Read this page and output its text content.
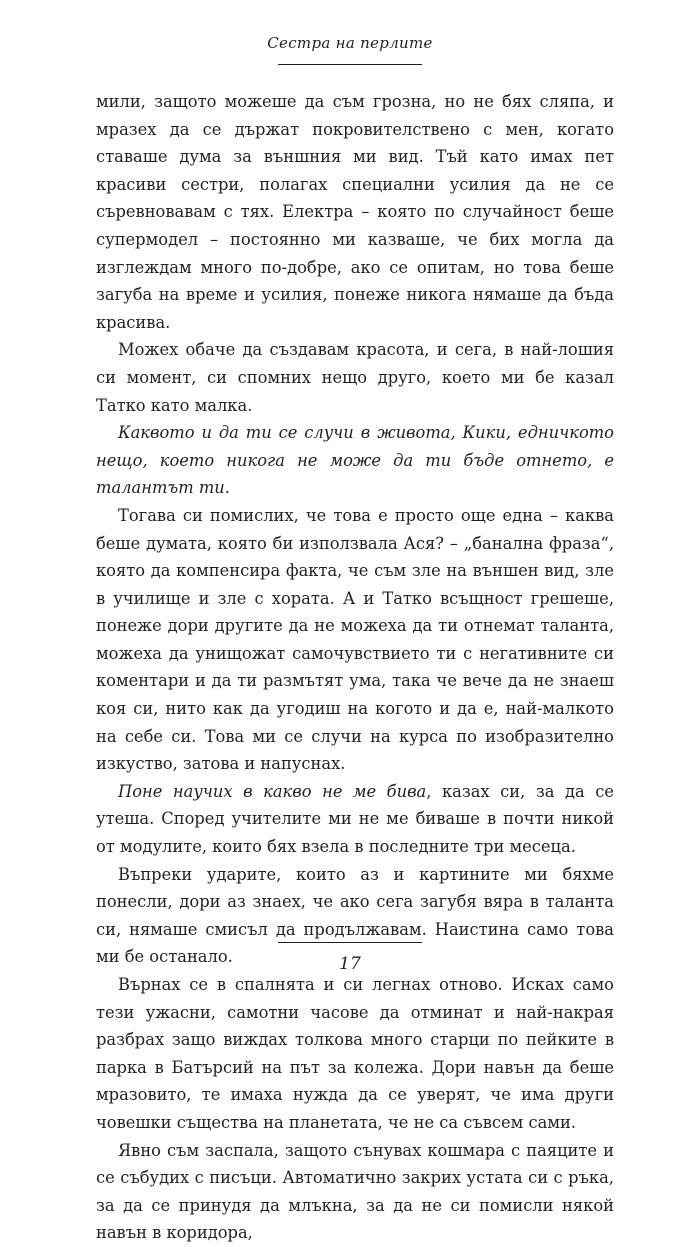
Сестра на перлите

мили, защото можеше да съм грозна, но не бях сляпа, и мразех да се държат покровителствено с мен, когато ставаше дума за външния ми вид. Тъй като имах пет красиви сестри, полагах специални усилия да не се съревновавам с тях. Електра – която по случайност беше супермодел – постоянно ми казваше, че бих могла да изглеждам много по-добре, ако се опитам, но това беше загуба на време и усилия, понеже никога нямаше да бъда красива.

Можех обаче да създавам красота, и сега, в най-лошия си момент, си спомних нещо друго, което ми бе казал Татко като малка.

Каквото и да ти се случи в живота, Кики, едничкото нещо, което никога не може да ти бъде отнето, е талантът ти.

Тогава си помислих, че това е просто още една – каква беше думата, която би използвала Ася? – „банална фраза“, която да компенсира факта, че съм зле на външен вид, зле в училище и зле с хората. А и Татко всъщност грешеше, понеже дори другите да не можеха да ти отнемат таланта, можеха да унищожат самочувствието ти с негативните си коментари и да ти размътят ума, така че вече да не знаеш коя си, нито как да угодиш на когото и да е, най-малкото на себе си. Това ми се случи на курса по изобразително изкуство, затова и напуснах.

Поне научих в какво не ме бива, казах си, за да се утеша. Според учителите ми не ме биваше в почти никой от модулите, които бях взела в последните три месеца.

Въпреки ударите, които аз и картините ми бяхме понесли, дори аз знаех, че ако сега загубя вяра в таланта си, нямаше смисъл да продължавам. Наистина само това ми бе останало.

Върнах се в спалнята и си легнах отново. Исках само тези ужасни, самотни часове да отминат и най-накрая разбрах защо виждах толкова много старци по пейките в парка в Батърсий на път за колежа. Дори навън да беше мразовито, те имаха нужда да се уверят, че има други човешки същества на планетата, че не са съвсем сами.

Явно съм заспала, защото сънувах кошмара с паяците и се събудих с писъци. Автоматично закрих устата си с ръка, за да се принудя да млъкна, за да не си помисли някой навън в коридора,

17
